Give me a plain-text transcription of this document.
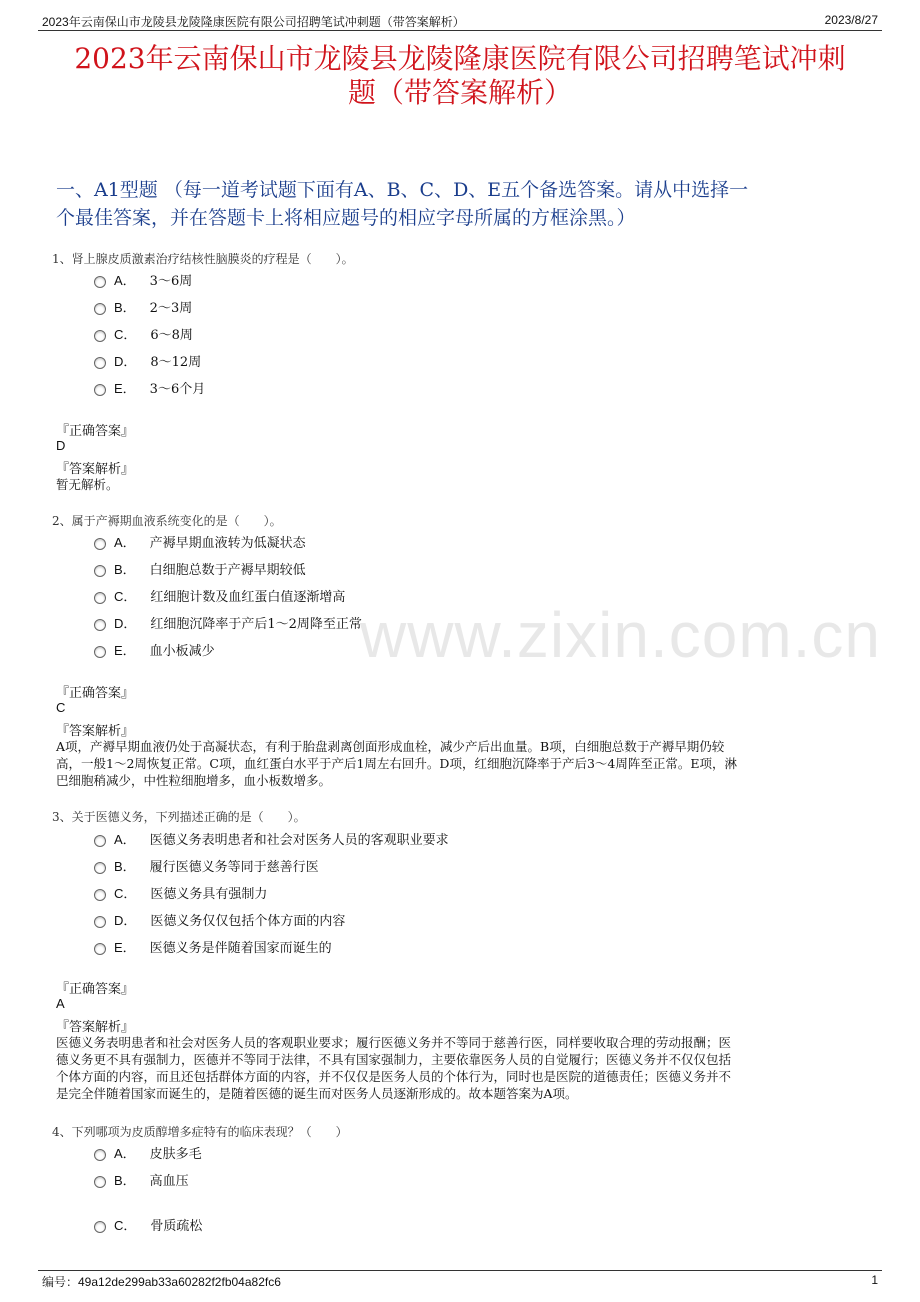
2023年云南保山市龙陵县龙陵隆康医院有限公司招聘笔试冲刺题（带答案解析）	2023/8/27
2023年云南保山市龙陵县龙陵隆康医院有限公司招聘笔试冲刺
题（带答案解析）
一、A1型题 （每一道考试题下面有A、B、C、D、E五个备选答案。请从中选择一
个最佳答案，并在答题卡上将相应题号的相应字母所属的方框涂黑。）
www.zixin.com.cn
1、肾上腺皮质激素治疗结核性脑膜炎的疗程是（　　）。
A． 3～6周
B． 2～3周
C． 6～8周
D． 8～12周
E． 3～6个月
『正确答案』
D
『答案解析』
暂无解析。
2、属于产褥期血液系统变化的是（　　）。
A． 产褥早期血液转为低凝状态
B． 白细胞总数于产褥早期较低
C． 红细胞计数及血红蛋白值逐渐增高
D． 红细胞沉降率于产后1～2周降至正常
E． 血小板减少
『正确答案』
C
『答案解析』
A项，产褥早期血液仍处于高凝状态，有利于胎盘剥离创面形成血栓，减少产后出血量。B项，白细胞总数于产褥早期仍较
高，一般1～2周恢复正常。C项，血红蛋白水平于产后1周左右回升。D项，红细胞沉降率于产后3～4周阵至正常。E项，淋
巴细胞稍减少，中性粒细胞增多，血小板数增多。
3、关于医德义务，下列描述正确的是（　　）。
A． 医德义务表明患者和社会对医务人员的客观职业要求
B． 履行医德义务等同于慈善行医
C． 医德义务具有强制力
D． 医德义务仅仅包括个体方面的内容
E． 医德义务是伴随着国家而诞生的
『正确答案』
A
『答案解析』
医德义务表明患者和社会对医务人员的客观职业要求；履行医德义务并不等同于慈善行医，同样要收取合理的劳动报酬；医
德义务更不具有强制力，医德并不等同于法律，不具有国家强制力，主要依靠医务人员的自觉履行；医德义务并不仅仅包括
个体方面的内容，而且还包括群体方面的内容，并不仅仅是医务人员的个体行为，同时也是医院的道德责任；医德义务并不
是完全伴随着国家而诞生的，是随着医德的诞生而对医务人员逐渐形成的。故本题答案为A项。
4、下列哪项为皮质醇增多症特有的临床表现？（　　）
A． 皮肤多毛
B． 高血压
C． 骨质疏松
编号：49a12de299ab33a60282f2fb04a82fc6	1
